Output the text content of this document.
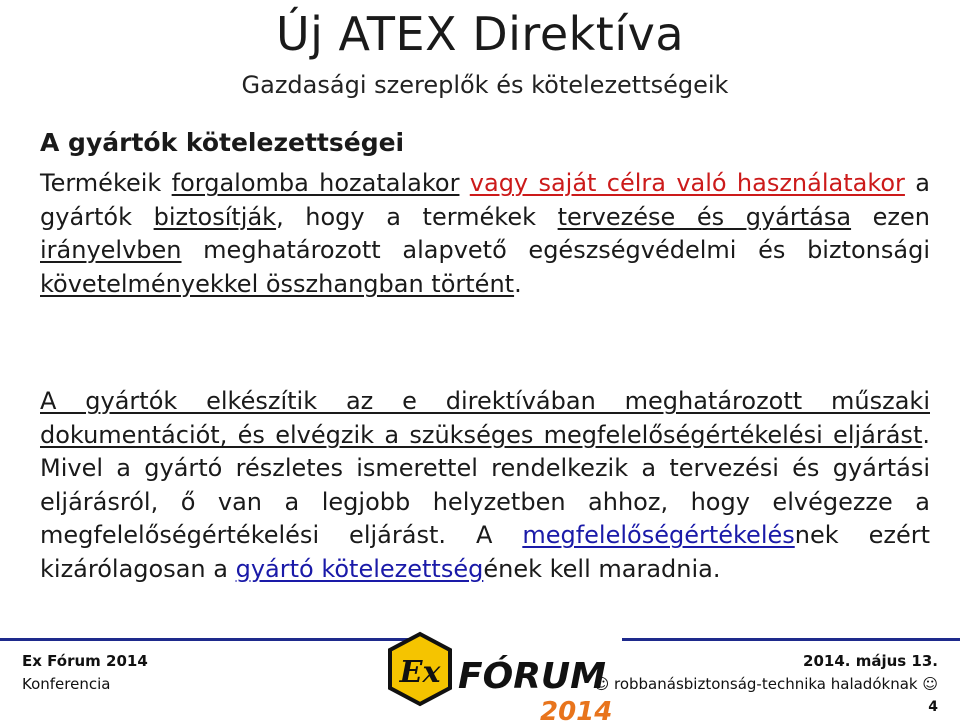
Új ATEX Direktíva
Gazdasági szereplők és kötelezettségeik
A gyártók kötelezettségei

Termékeik forgalomba hozatalakor vagy saját célra való használatakor a gyártók biztosítják, hogy a termékek tervezése és gyártása ezen irányelvben meghatározott alapvető egészségvédelmi és biztonsági követelményekkel összhangban történt.

A gyártók elkészítik az e direktívában meghatározott műszaki dokumentációt, és elvégzik a szükséges megfelelőségértékelési eljárást. Mivel a gyártó részletes ismerettel rendelkezik a tervezési és gyártási eljárásról, ő van a legjobb helyzetben ahhoz, hogy elvégezze a megfelelőségértékelési eljárást. A megfelelőségértékelésnek ezért kizárólagosan a gyártó kötelezettségének kell maradnia.

Ex Fórum 2014
Konferencia
2014. május 13.
☺ robbanásbiztonság-technika haladóknak ☺
4
Ex FÓRUM
2014
